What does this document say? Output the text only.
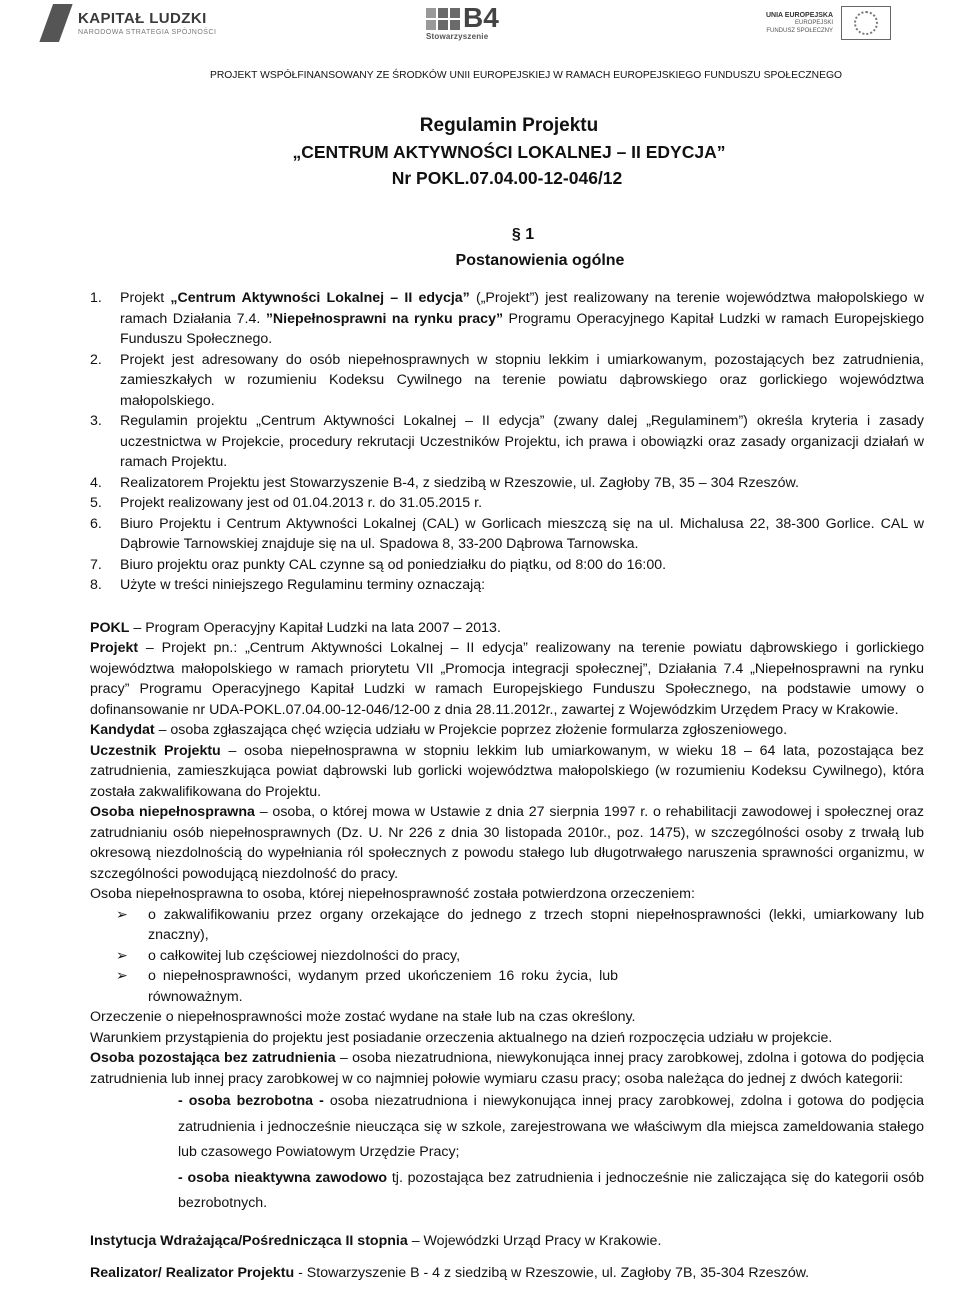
KAPITAŁ LUDZKI
NARODOWA STRATEGIA SPÓJNOŚCI	B4
Stowarzyszenie
UNIA EUROPEJSKA
EUROPEJSKI
FUNDUSZ SPOŁECZNY
PROJEKT WSPÓŁFINANSOWANY ZE ŚRODKÓW UNII EUROPEJSKIEJ W RAMACH EUROPEJSKIEGO FUNDUSZU SPOŁECZNEGO
Regulamin Projektu
„CENTRUM AKTYWNOŚCI LOKALNEJ – II EDYCJA”
Nr POKL.07.04.00-12-046/12
§ 1
Postanowienia ogólne
1. Projekt „Centrum Aktywności Lokalnej – II edycja” („Projekt”) jest realizowany na terenie województwa małopolskiego w ramach Działania 7.4. ”Niepełnosprawni na rynku pracy” Programu Operacyjnego Kapitał Ludzki w ramach Europejskiego Funduszu Społecznego.
2. Projekt jest adresowany do osób niepełnosprawnych w stopniu lekkim i umiarkowanym, pozostających bez zatrudnienia, zamieszkałych w rozumieniu Kodeksu Cywilnego na terenie powiatu dąbrowskiego oraz gorlickiego województwa małopolskiego.
3. Regulamin projektu „Centrum Aktywności Lokalnej – II edycja” (zwany dalej „Regulaminem”) określa kryteria i zasady uczestnictwa w Projekcie, procedury rekrutacji Uczestników Projektu, ich prawa i obowiązki oraz zasady organizacji działań w ramach Projektu.
4. Realizatorem Projektu jest Stowarzyszenie B-4, z siedzibą w Rzeszowie, ul. Zagłoby 7B, 35 – 304 Rzeszów.
5. Projekt realizowany jest od 01.04.2013 r. do 31.05.2015 r.
6. Biuro Projektu i Centrum Aktywności Lokalnej (CAL) w Gorlicach mieszczą się na ul. Michalusa 22, 38-300 Gorlice. CAL w Dąbrowie Tarnowskiej znajduje się na ul. Spadowa 8, 33-200 Dąbrowa Tarnowska.
7. Biuro projektu oraz punkty CAL czynne są od poniedziałku do piątku, od 8:00 do 16:00.
8. Użyte w treści niniejszego Regulaminu terminy oznaczają:
POKL – Program Operacyjny Kapitał Ludzki na lata 2007 – 2013.
Projekt – Projekt pn.: „Centrum Aktywności Lokalnej – II edycja” realizowany na terenie powiatu dąbrowskiego i gorlickiego województwa małopolskiego w ramach priorytetu VII „Promocja integracji społecznej”, Działania 7.4 „Niepełnosprawni na rynku pracy” Programu Operacyjnego Kapitał Ludzki w ramach Europejskiego Funduszu Społecznego, na podstawie umowy o dofinansowanie nr UDA-POKL.07.04.00-12-046/12-00 z dnia 28.11.2012r., zawartej z Wojewódzkim Urzędem Pracy w Krakowie.
Kandydat – osoba zgłaszająca chęć wzięcia udziału w Projekcie poprzez złożenie formularza zgłoszeniowego.
Uczestnik Projektu – osoba niepełnosprawna w stopniu lekkim lub umiarkowanym, w wieku 18 – 64 lata, pozostająca bez zatrudnienia, zamieszkująca powiat dąbrowski lub gorlicki województwa małopolskiego (w rozumieniu Kodeksu Cywilnego), która została zakwalifikowana do Projektu.
Osoba niepełnosprawna – osoba, o której mowa w Ustawie z dnia 27 sierpnia 1997 r. o rehabilitacji zawodowej i społecznej oraz zatrudnianiu osób niepełnosprawnych (Dz. U. Nr 226 z dnia 30 listopada 2010r., poz. 1475), w szczególności osoby z trwałą lub okresową niezdolnością do wypełniania ról społecznych z powodu stałego lub długotrwałego naruszenia sprawności organizmu, w szczególności powodującą niezdolność do pracy.
Osoba niepełnosprawna to osoba, której niepełnosprawność została potwierdzona orzeczeniem:
➢ o zakwalifikowaniu przez organy orzekające do jednego z trzech stopni niepełnosprawności (lekki, umiarkowany lub znaczny),
➢ o całkowitej lub częściowej niezdolności do pracy,
➢ o niepełnosprawności, wydanym przed ukończeniem 16 roku życia, lub równoważnym.
Orzeczenie o niepełnosprawności może zostać wydane na stałe lub na czas określony.
Warunkiem przystąpienia do projektu jest posiadanie orzeczenia aktualnego na dzień rozpoczęcia udziału w projekcie.
Osoba pozostająca bez zatrudnienia – osoba niezatrudniona, niewykonująca innej pracy zarobkowej, zdolna i gotowa do podjęcia zatrudnienia lub innej pracy zarobkowej w co najmniej połowie wymiaru czasu pracy; osoba należąca do jednej z dwóch kategorii:
- osoba bezrobotna - osoba niezatrudniona i niewykonująca innej pracy zarobkowej, zdolna i gotowa do podjęcia zatrudnienia i jednocześnie nieucząca się w szkole, zarejestrowana we właściwym dla miejsca zameldowania stałego lub czasowego Powiatowym Urzędzie Pracy;
- osoba nieaktywna zawodowo tj. pozostająca bez zatrudnienia i jednocześnie nie zaliczająca się do kategorii osób bezrobotnych.
Instytucja Wdrażająca/Pośrednicząca II stopnia – Wojewódzki Urząd Pracy w Krakowie.
Realizator/ Realizator Projektu - Stowarzyszenie B - 4 z siedzibą w Rzeszowie, ul. Zagłoby 7B, 35-304 Rzeszów.
